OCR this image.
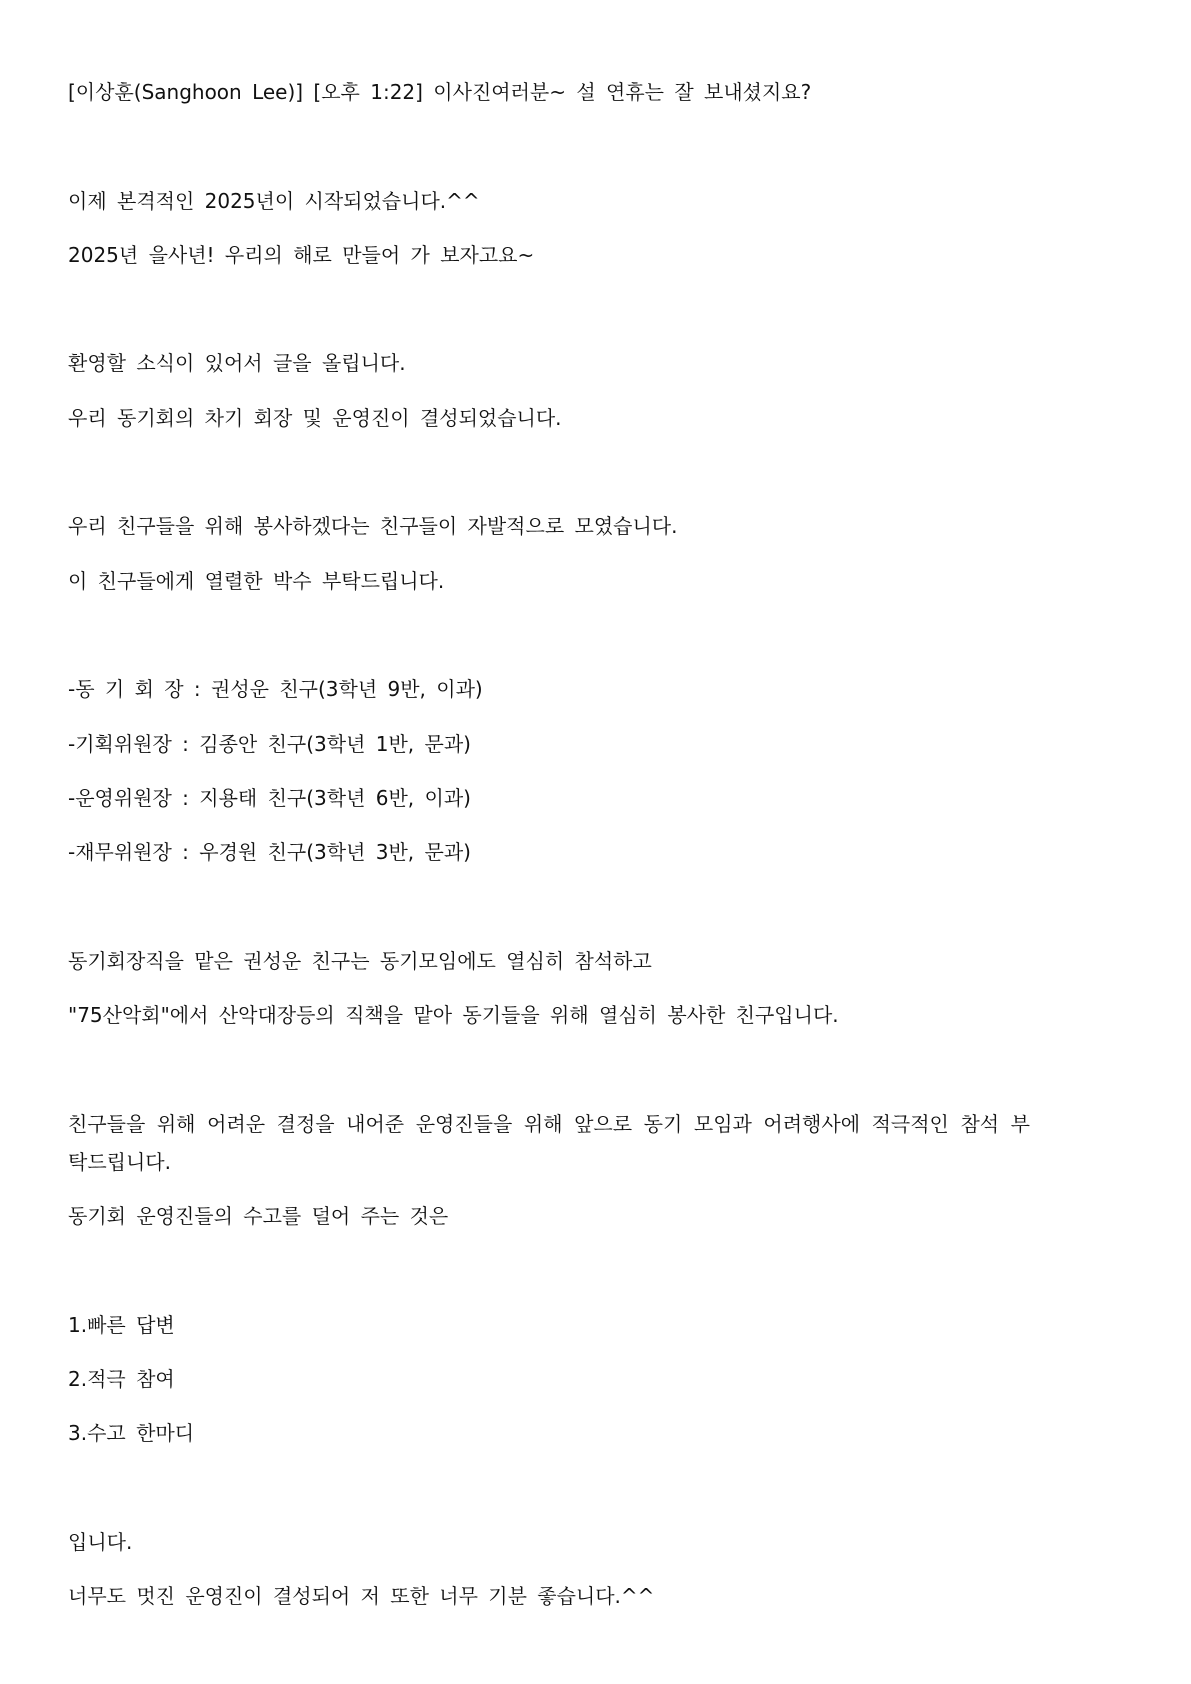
[이상훈(Sanghoon Lee)] [오후 1:22] 이사진여러분~ 설 연휴는 잘 보내셨지요?

이제 본격적인 2025년이 시작되었습니다.^^

2025년 을사년! 우리의 해로 만들어 가 보자고요~

환영할 소식이 있어서 글을 올립니다.

우리 동기회의 차기 회장 및 운영진이 결성되었습니다.

우리 친구들을 위해 봉사하겠다는 친구들이 자발적으로 모였습니다.

이 친구들에게 열렬한 박수 부탁드립니다.

-동 기 회 장 : 권성운 친구(3학년 9반, 이과)

-기획위원장 : 김종안 친구(3학년 1반, 문과)

-운영위원장 : 지용태 친구(3학년 6반, 이과)

-재무위원장 : 우경원 친구(3학년 3반, 문과)

동기회장직을 맡은 권성운 친구는 동기모임에도 열심히 참석하고

"75산악회"에서 산악대장등의 직책을 맡아 동기들을 위해 열심히 봉사한 친구입니다.

친구들을 위해 어려운 결정을 내어준 운영진들을 위해 앞으로 동기 모임과 어려행사에 적극적인 참석 부탁드립니다.

동기회 운영진들의 수고를 덜어 주는 것은

1.빠른 답변

2.적극 참여

3.수고 한마디

입니다.

너무도 멋진 운영진이 결성되어 저 또한 너무 기분 좋습니다.^^
